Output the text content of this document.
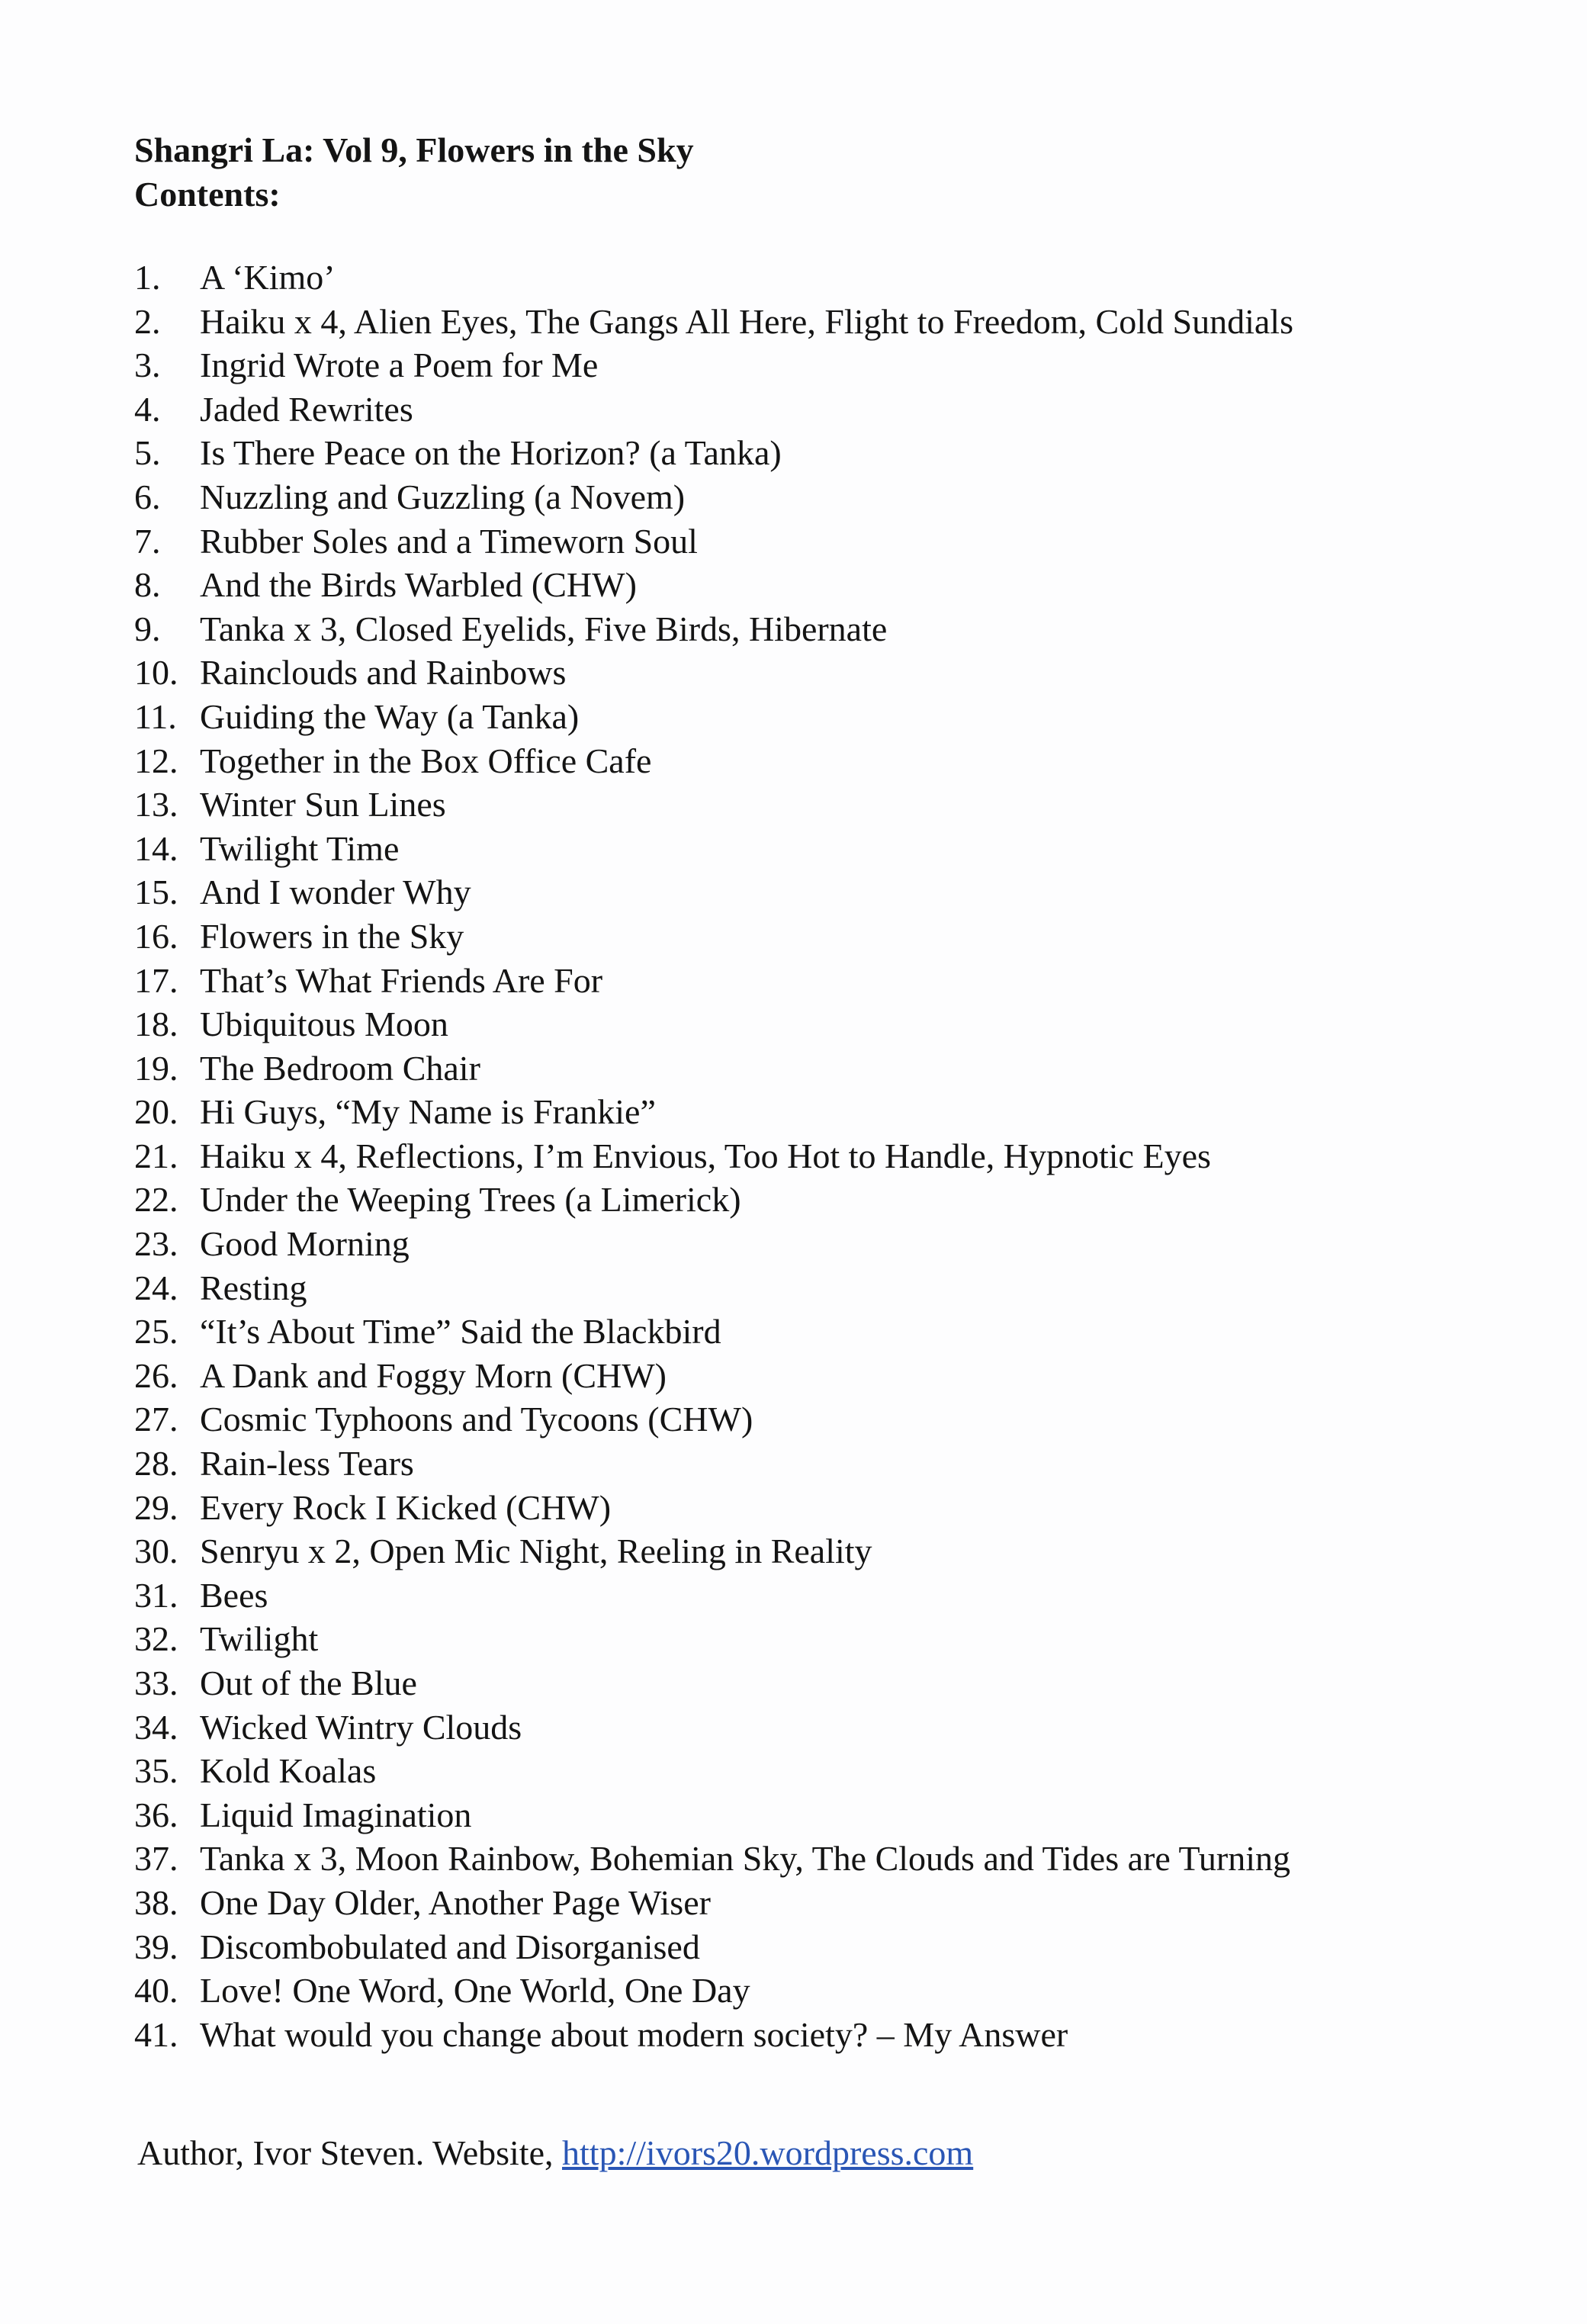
Shangri La: Vol 9, Flowers in the Sky
Contents:
1.	A ‘Kimo’
2.	Haiku x 4, Alien Eyes, The Gangs All Here, Flight to Freedom, Cold Sundials
3.	Ingrid Wrote a Poem for Me
4.	Jaded Rewrites
5.	Is There Peace on the Horizon? (a Tanka)
6.	Nuzzling and Guzzling (a Novem)
7.	Rubber Soles and a Timeworn Soul
8.	And the Birds Warbled (CHW)
9.	Tanka x 3, Closed Eyelids, Five Birds, Hibernate
10. Rainclouds and Rainbows
11. Guiding the Way (a Tanka)
12. Together in the Box Office Cafe
13. Winter Sun Lines
14. Twilight Time
15. And I wonder Why
16. Flowers in the Sky
17. That’s What Friends Are For
18. Ubiquitous Moon
19. The Bedroom Chair
20. Hi Guys, “My Name is Frankie”
21. Haiku x 4, Reflections, I’m Envious, Too Hot to Handle, Hypnotic Eyes
22. Under the Weeping Trees (a Limerick)
23. Good Morning
24. Resting
25. “It’s About Time” Said the Blackbird
26. A Dank and Foggy Morn (CHW)
27. Cosmic Typhoons and Tycoons (CHW)
28. Rain-less Tears
29. Every Rock I Kicked (CHW)
30. Senryu x 2, Open Mic Night, Reeling in Reality
31. Bees
32. Twilight
33. Out of the Blue
34. Wicked Wintry Clouds
35. Kold Koalas
36. Liquid Imagination
37. Tanka x 3, Moon Rainbow, Bohemian Sky, The Clouds and Tides are Turning
38. One Day Older, Another Page Wiser
39. Discombobulated and Disorganised
40. Love! One Word, One World, One Day
41. What would you change about modern society? – My Answer
Author, Ivor Steven. Website, http://ivors20.wordpress.com
